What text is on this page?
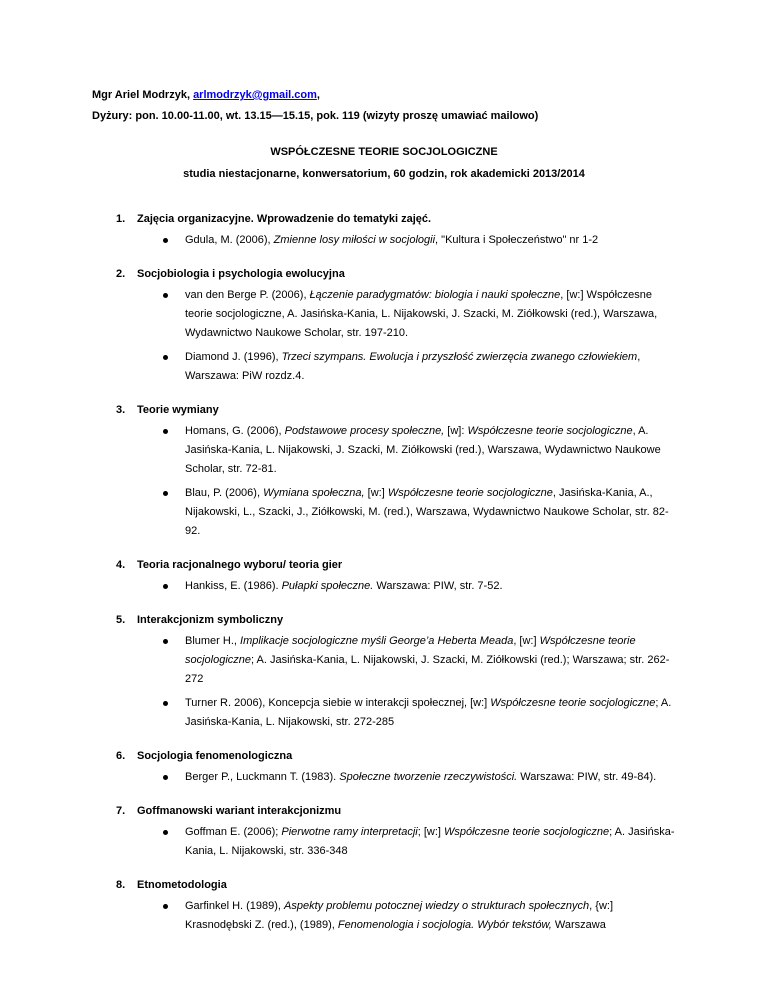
Mgr Ariel Modrzyk, arlmodrzyk@gmail.com,
Dyżury: pon. 10.00-11.00, wt. 13.15—15.15, pok. 119 (wizyty proszę umawiać mailowo)
WSPÓŁCZESNE TEORIE SOCJOLOGICZNE
studia niestacjonarne, konwersatorium, 60 godzin, rok akademicki 2013/2014
1. Zajęcia organizacyjne. Wprowadzenie do tematyki zajęć.
Gdula, M. (2006), Zmienne losy miłości w socjologii, "Kultura i Społeczeństwo" nr 1-2
2. Socjobiologia i psychologia ewolucyjna
van den Berge P. (2006), Łączenie paradygmatów: biologia i nauki społeczne, [w:] Współczesne teorie socjologiczne, A. Jasińska-Kania, L. Nijakowski, J. Szacki, M. Ziółkowski (red.), Warszawa, Wydawnictwo Naukowe Scholar, str. 197-210.
Diamond J. (1996), Trzeci szympans. Ewolucja i przyszłość zwierzęcia zwanego człowiekiem, Warszawa: PiW rozdz.4.
3. Teorie wymiany
Homans, G. (2006), Podstawowe procesy społeczne, [w]: Współczesne teorie socjologiczne, A. Jasińska-Kania, L. Nijakowski, J. Szacki, M. Ziółkowski (red.), Warszawa, Wydawnictwo Naukowe Scholar, str. 72-81.
Blau, P. (2006), Wymiana społeczna, [w:] Współczesne teorie socjologiczne, Jasińska-Kania, A., Nijakowski, L., Szacki, J., Ziółkowski, M. (red.), Warszawa, Wydawnictwo Naukowe Scholar, str. 82-92.
4. Teoria racjonalnego wyboru/ teoria gier
Hankiss, E. (1986). Pułapki społeczne. Warszawa: PIW, str. 7-52.
5. Interakcjonizm symboliczny
Blumer H., Implikacje socjologiczne myśli George’a Heberta Meada, [w:] Współczesne teorie socjologiczne; A. Jasińska-Kania, L. Nijakowski, J. Szacki, M. Ziółkowski (red.); Warszawa; str. 262-272
Turner R. 2006), Koncepcja siebie w interakcji społecznej, [w:] Współczesne teorie socjologiczne; A. Jasińska-Kania, L. Nijakowski, str. 272-285
6. Socjologia fenomenologiczna
Berger P., Luckmann T. (1983). Społeczne tworzenie rzeczywistości. Warszawa: PIW, str. 49-84).
7. Goffmanowski wariant interakcjonizmu
Goffman E. (2006); Pierwotne ramy interpretacji; [w:] Współczesne teorie socjologiczne; A. Jasińska-Kania, L. Nijakowski, str. 336-348
8. Etnometodologia
Garfinkel H. (1989), Aspekty problemu potocznej wiedzy o strukturach społecznych, {w:] Krasnodębski Z. (red.), (1989), Fenomenologia i socjologia. Wybór tekstów, Warszawa
